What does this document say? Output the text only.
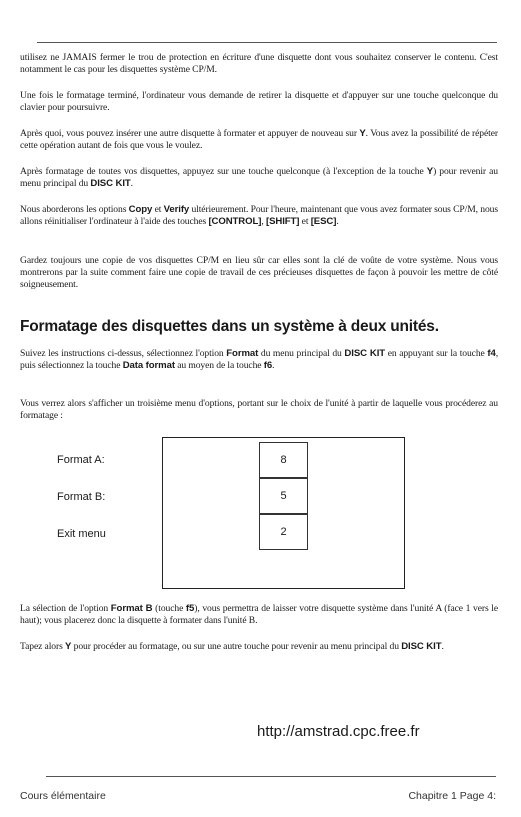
utilisez ne JAMAIS fermer le trou de protection en écriture d'une disquette dont vous souhaitez conserver le contenu. C'est notamment le cas pour les disquettes système CP/M.

Une fois le formatage terminé, l'ordinateur vous demande de retirer la disquette et d'appuyer sur une touche quelconque du clavier pour poursuivre.

Après quoi, vous pouvez insérer une autre disquette à formater et appuyer de nouveau sur Y. Vous avez la possibilité de répéter cette opération autant de fois que vous le voulez.

Après formatage de toutes vos disquettes, appuyez sur une touche quelconque (à l'exception de la touche Y) pour revenir au menu principal du DISC KIT.

Nous aborderons les options Copy et Verify ultérieurement. Pour l'heure, maintenant que vous avez formater sous CP/M, nous allons réinitialiser l'ordinateur à l'aide des touches [CONTROL], [SHIFT] et [ESC].

Gardez toujours une copie de vos disquettes CP/M en lieu sûr car elles sont la clé de voûte de votre système. Nous vous montrerons par la suite comment faire une copie de travail de ces précieuses disquettes de façon à pouvoir les mettre de côté soigneusement.

Formatage des disquettes dans un système à deux unités.

Suivez les instructions ci-dessus, sélectionnez l'option Format du menu principal du DISC KIT en appuyant sur la touche f4, puis sélectionnez la touche Data format au moyen de la touche f6.

Vous verrez alors s'afficher un troisième menu d'options, portant sur le choix de l'unité à partir de laquelle vous procéderez au formatage :

Format A:	8
Format B:	5
Exit menu	2

La sélection de l'option Format B (touche f5), vous permettra de laisser votre disquette système dans l'unité A (face 1 vers le haut); vous placerez donc la disquette à formater dans l'unité B.

Tapez alors Y pour procéder au formatage, ou sur une autre touche pour revenir au menu principal du DISC KIT.

http://amstrad.cpc.free.fr
Cours élémentaire	Chapitre 1 Page 4:
